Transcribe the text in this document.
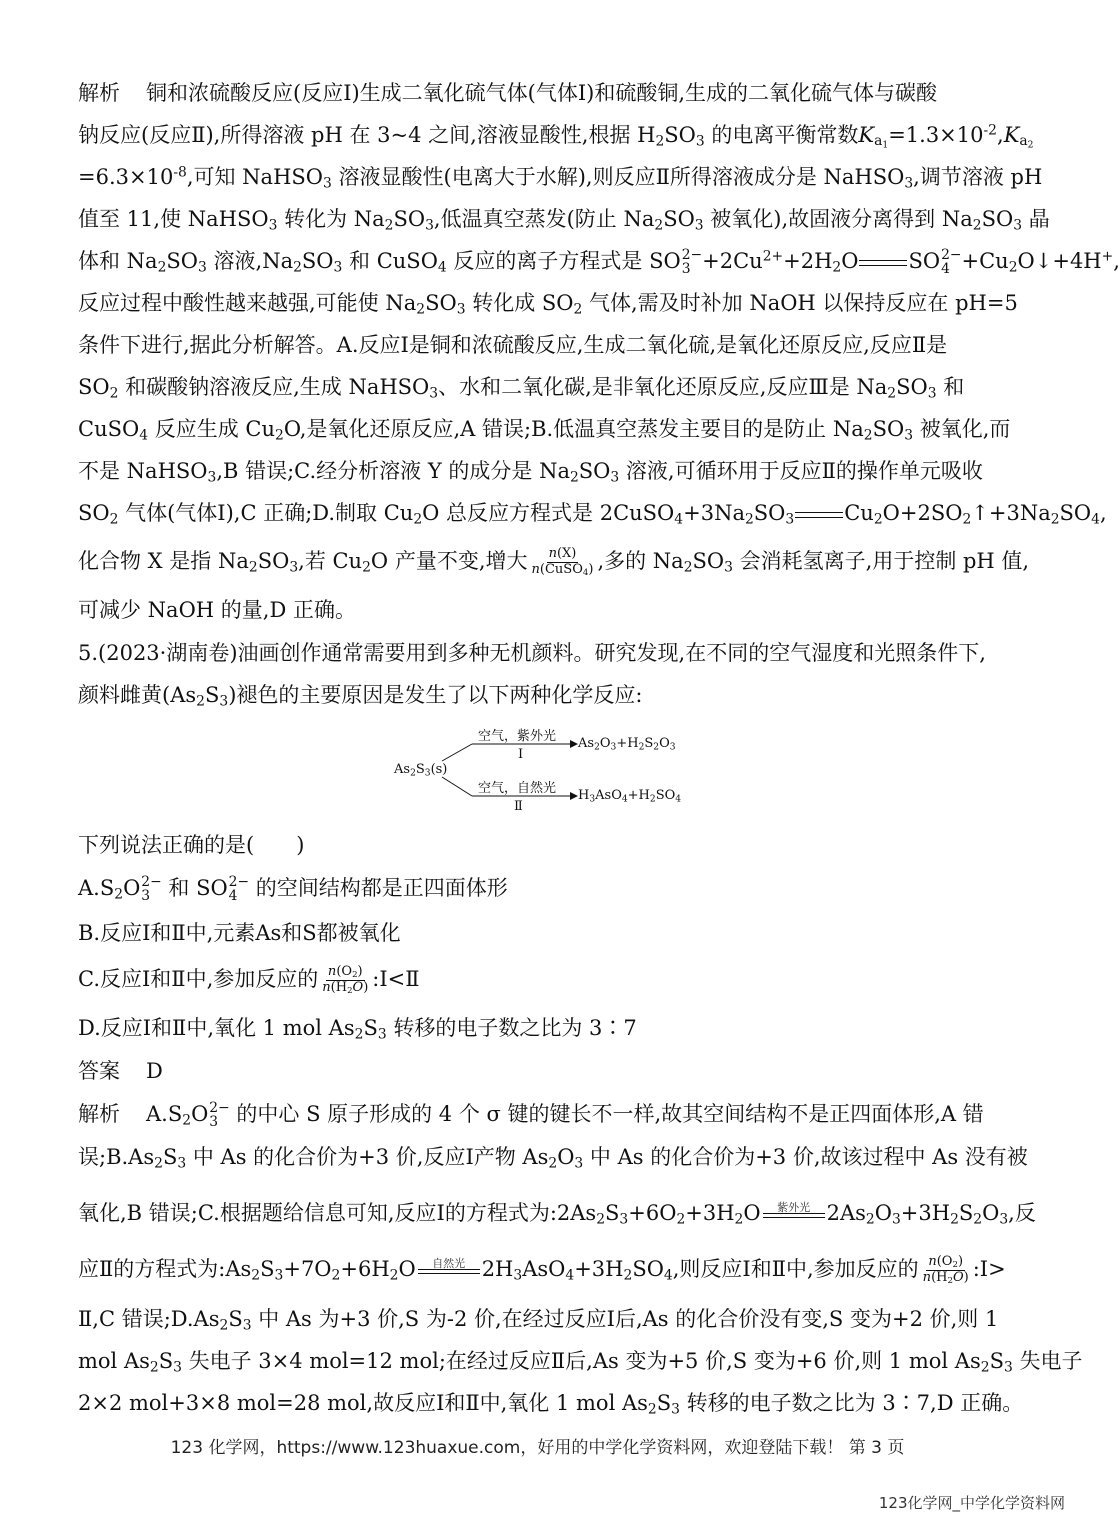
解析 铜和浓硫酸反应(反应Ⅰ)生成二氧化硫气体(气体Ⅰ)和硫酸铜,生成的二氧化硫气体与碳酸
钠反应(反应Ⅱ),所得溶液 pH 在 3~4 之间,溶液显酸性,根据 $H_2SO_3$ 的电离平衡常数$K_{a_1}=1.3\times 10^{-2},K_{a_2}$
$=6.3\times 10^{-8}$,可知 NaHSO$_3$ 溶液显酸性(电离大于水解),则反应Ⅱ所得溶液成分是 NaHSO$_3$,调节溶液 pH
值至 11,使 NaHSO$_3$ 转化为 $Na_2SO_3$,低温真空蒸发(防止 $Na_2SO_3$ 被氧化),故固液分离得到 $Na_2SO_3$ 晶
体和 $Na_2SO_3$ 溶液$,Na_2SO_3$ 和 CuSO$_4$ 反应的离子方程式是 SO 2−
$3 +2Cu^{2+}+2H_2O$ SO 2−
$4 +Cu_2O↓+4H^+$,
反应过程中酸性越来越强,可能使 $Na_2SO_3$ 转化成 $SO_2$ 气体,需及时补加 NaOH 以保持反应在 pH=5
条件下进行,据此分析解答。A.反应Ⅰ是铜和浓硫酸反应,生成二氧化硫,是氧化还原反应,反应Ⅱ是
$SO_2$ 和碳酸钠溶液反应,生成 NaHSO$_3$、水和二氧化碳,是非氧化还原反应,反应Ⅲ是 $Na_2SO_3$ 和
CuSO$_4$ 反应生成 $Cu_2O$,是氧化还原反应,A 错误;B.低温真空蒸发主要目的是防止 $Na_2SO_3$ 被氧化,而
不是 NaHSO$_3$,B 错误;C.经分析溶液 Y 的成分是 $Na_2SO_3$ 溶液,可循环用于反应Ⅱ的操作单元吸收
$SO_2$ 气体(气体Ⅰ),C 正确;D.制取 $Cu_2O$ 总反应方程式是 $2CuSO_4+3Na_2SO_3$ $Cu_2O+2SO_2↑+3Na_2SO_4$,
化合物 X 是指 $Na_2SO_3$,若 $Cu_2O$ 产量不变,增大 $\frac{n(X)}{n(CuSO_4)}$ ,多的 $Na_2SO_3$ 会消耗氢离子,用于控制 pH 值,
可减少 NaOH 的量,D 正确。
5.(2023·湖南卷)油画创作通常需要用到多种无机颜料。研究发现,在不同的空气湿度和光照条件下,
颜料雌黄$(As_2S_3)$褪色的主要原因是发生了以下两种化学反应:
$As_2S_3(s)$
空气，紫外光
Ⅰ
$As_2O_3+H_2S_2O_3$
空气，自然光
Ⅱ
$H_3AsO_4+H_2SO_4$
下列说法正确的是(　　)
$A.S_2O$ 2−
3 和 SO 2−
4 的空间结构都是正四面体形
B.反应Ⅰ和Ⅱ中,元素As和S都被氧化
C.反应Ⅰ和Ⅱ中,参加反应的 $\frac{n(O_2)}{n(H_2O)}$ :Ⅰ<Ⅱ
D.反应Ⅰ和Ⅱ中,氧化 1 mol $As_2S_3$ 转移的电子数之比为 3∶7
答案 D
解析 $A.S_2O$ 2−
3 的中心 S 原子形成的 4 个 σ 键的键长不一样,故其空间结构不是正四面体形,A 错
误$;B.As_2S_3$ 中 As 的化合价为+3 价,反应Ⅰ产物 $As_2O_3$ 中 As 的化合价为+3 价,故该过程中 As 没有被
氧化,B 错误;C.根据题给信息可知,反应Ⅰ的方程式为$:2As_2S_3+6O_2+3H_2O$	紫外光 $2As_2O_3+3H_2S_2O_3$,反
应Ⅱ的方程式为$:As_2S_3+7O_2+6H_2O$	自然光 $2H_3AsO_4+3H_2SO_4$,则反应Ⅰ和Ⅱ中,参加反应的 $\frac{n(O_2)}{n(H_2O)}$ :Ⅰ>
Ⅱ,C 错误$;D.As_2S_3$ 中 As 为+3 价,S 为-2 价,在经过反应Ⅰ后,As 的化合价没有变,S 变为+2 价,则 1
mol $As_2S_3$ 失电子 3×4 mol=12 mol;在经过反应Ⅱ后,As 变为+5 价,S 变为+6 价,则 1 mol $As_2S_3$ 失电子
2×2 mol+3×8 mol=28 mol,故反应Ⅰ和Ⅱ中,氧化 1 mol $As_2S_3$ 转移的电子数之比为 3∶7,D 正确。
123 化学网，https://www.123huaxue.com，好用的中学化学资料网，欢迎登陆下载！ 第 3 页
123化学网_中学化学资料网
